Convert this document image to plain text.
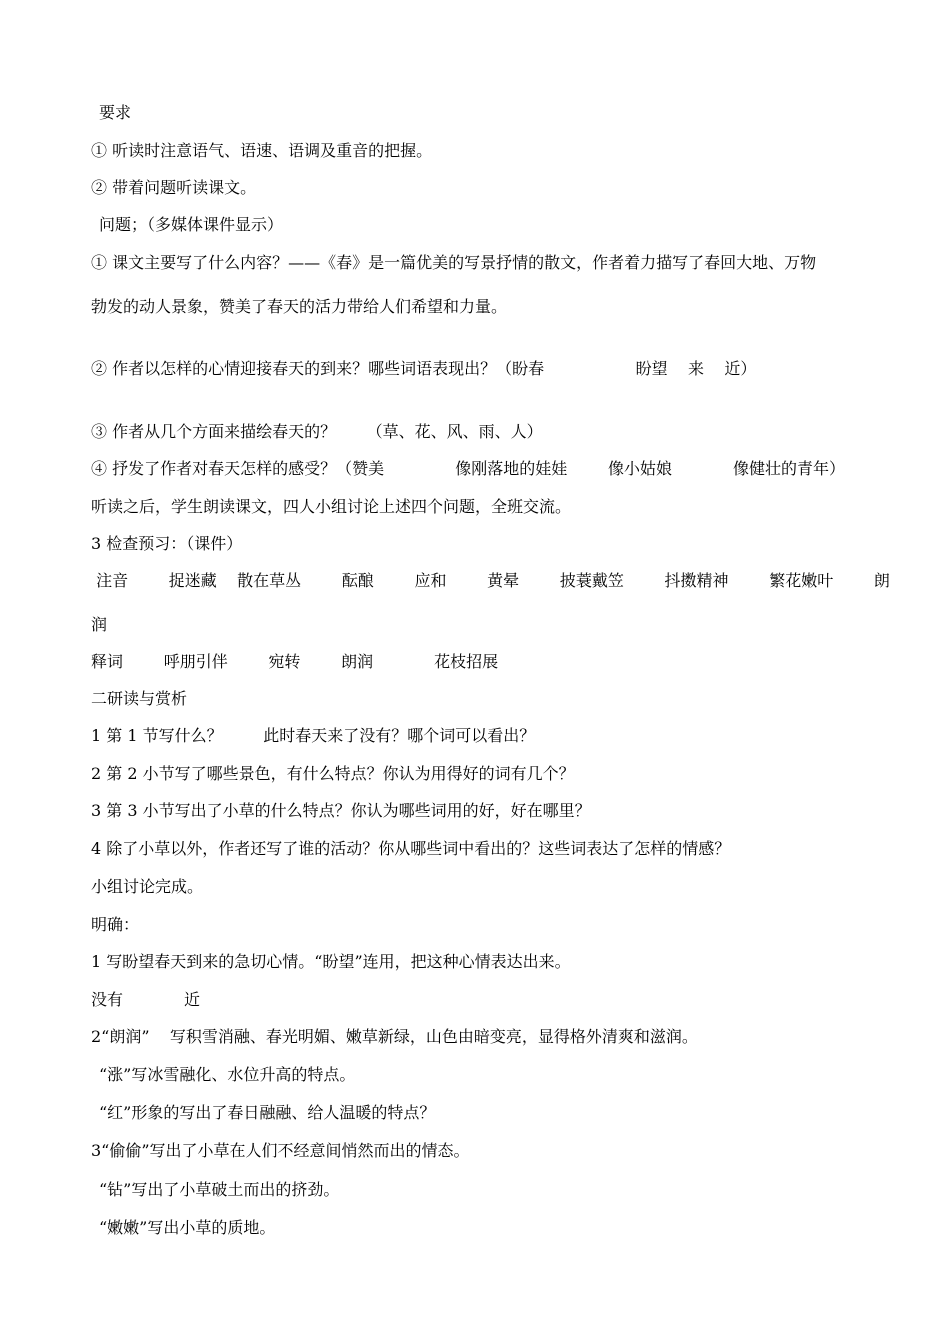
要求

① 听读时注意语气、语速、语调及重音的把握。

② 带着问题听读课文。

问题；（多媒体课件显示）

① 课文主要写了什么内容？——《春》是一篇优美的写景抒情的散文，作者着力描写了春回大地、万物

勃发的动人景象，赞美了春天的活力带给人们希望和力量。

② 作者以怎样的心情迎接春天的到来？哪些词语表现出？（盼春                  盼望    来    近）

③ 作者从几个方面来描绘春天的？      （草、花、风、雨、人）

④ 抒发了作者对春天怎样的感受？（赞美              像刚落地的娃娃        像小姑娘            像健壮的青年）

听读之后，学生朗读课文，四人小组讨论上述四个问题，全班交流。

3 检查预习：（课件）

注音        捉迷藏    散在草丛        酝酿        应和        黄晕        披蓑戴笠        抖擞精神        繁花嫩叶        朗

润

释词        呼朋引伴        宛转        朗润            花枝招展

二研读与赏析

1 第 1 节写什么？        此时春天来了没有？哪个词可以看出？

2 第 2 小节写了哪些景色，有什么特点？你认为用得好的词有几个？

3 第 3 小节写出了小草的什么特点？你认为哪些词用的好，好在哪里？

4 除了小草以外，作者还写了谁的活动？你从哪些词中看出的？这些词表达了怎样的情感？

小组讨论完成。

明确：

1 写盼望春天到来的急切心情。“盼望”连用，把这种心情表达出来。

没有            近

2“朗润”    写积雪消融、春光明媚、嫩草新绿，山色由暗变亮，显得格外清爽和滋润。

“涨”写冰雪融化、水位升高的特点。

“红”形象的写出了春日融融、给人温暖的特点？

3“偷偷”写出了小草在人们不经意间悄然而出的情态。

“钻”写出了小草破土而出的挤劲。

“嫩嫩”写出小草的质地。
